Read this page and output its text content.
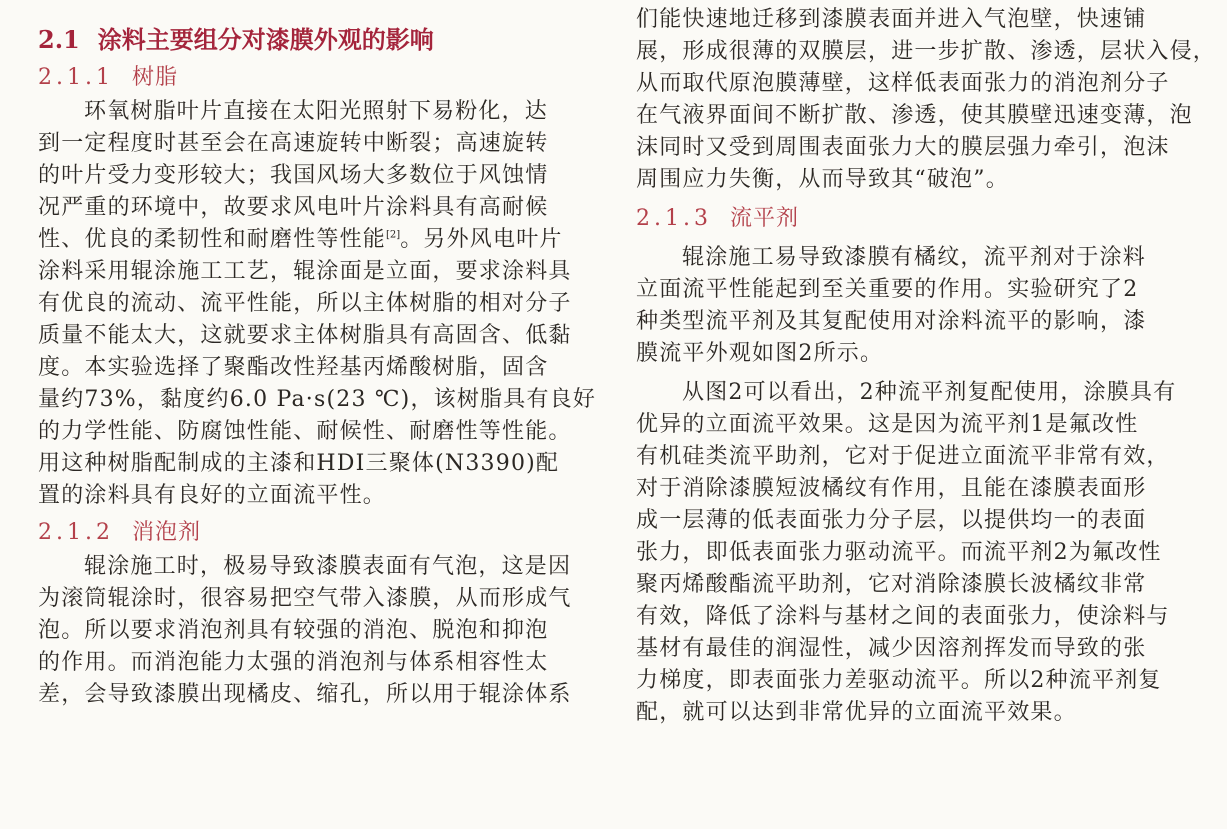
2.1 涂料主要组分对漆膜外观的影响
2.1.1 树脂
环氧树脂叶片直接在太阳光照射下易粉化，达
到一定程度时甚至会在高速旋转中断裂；高速旋转
的叶片受力变形较大；我国风场大多数位于风蚀情
况严重的环境中，故要求风电叶片涂料具有高耐候
性、优良的柔韧性和耐磨性等性能[2]。另外风电叶片
涂料采用辊涂施工工艺，辊涂面是立面，要求涂料具
有优良的流动、流平性能，所以主体树脂的相对分子
质量不能太大，这就要求主体树脂具有高固含、低黏
度。本实验选择了聚酯改性羟基丙烯酸树脂，固含
量约73%，黏度约6.0 Pa·s(23 ℃)，该树脂具有良好
的力学性能、防腐蚀性能、耐候性、耐磨性等性能。
用这种树脂配制成的主漆和HDI三聚体(N3390)配
置的涂料具有良好的立面流平性。
2.1.2 消泡剂
辊涂施工时，极易导致漆膜表面有气泡，这是因
为滚筒辊涂时，很容易把空气带入漆膜，从而形成气
泡。所以要求消泡剂具有较强的消泡、脱泡和抑泡
的作用。而消泡能力太强的消泡剂与体系相容性太
差，会导致漆膜出现橘皮、缩孔，所以用于辊涂体系
们能快速地迁移到漆膜表面并进入气泡壁，快速铺
展，形成很薄的双膜层，进一步扩散、渗透，层状入侵，
从而取代原泡膜薄壁，这样低表面张力的消泡剂分子
在气液界面间不断扩散、渗透，使其膜壁迅速变薄，泡
沫同时又受到周围表面张力大的膜层强力牵引，泡沫
周围应力失衡，从而导致其“破泡”。
2.1.3 流平剂
辊涂施工易导致漆膜有橘纹，流平剂对于涂料
立面流平性能起到至关重要的作用。实验研究了2
种类型流平剂及其复配使用对涂料流平的影响，漆
膜流平外观如图2所示。
从图2可以看出，2种流平剂复配使用，涂膜具有
优异的立面流平效果。这是因为流平剂1是氟改性
有机硅类流平助剂，它对于促进立面流平非常有效，
对于消除漆膜短波橘纹有作用，且能在漆膜表面形
成一层薄的低表面张力分子层，以提供均一的表面
张力，即低表面张力驱动流平。而流平剂2为氟改性
聚丙烯酸酯流平助剂，它对消除漆膜长波橘纹非常
有效，降低了涂料与基材之间的表面张力，使涂料与
基材有最佳的润湿性，减少因溶剂挥发而导致的张
力梯度，即表面张力差驱动流平。所以2种流平剂复
配，就可以达到非常优异的立面流平效果。
